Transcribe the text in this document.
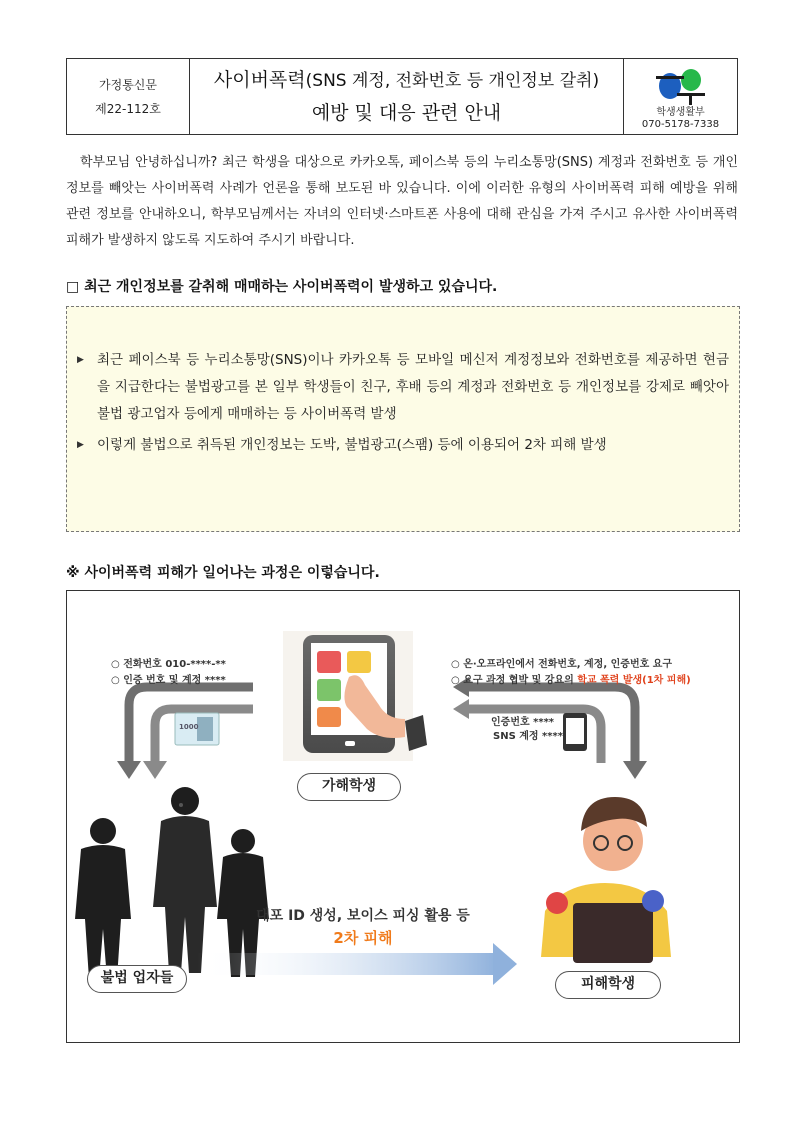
가정통신문
제22-112호
사이버폭력(SNS 계정, 전화번호 등 개인정보 갈취)
예방 및 대응 관련 안내	학생생활부
070-5178-7338

학부모님 안녕하십니까? 최근 학생을 대상으로 카카오톡, 페이스북 등의 누리소통망(SNS) 계정과 전화번호 등 개인정보를 빼앗는 사이버폭력 사례가 언론을 통해 보도된 바 있습니다. 이에 이러한 유형의 사이버폭력 피해 예방을 위해 관련 정보를 안내하오니, 학부모님께서는 자녀의 인터넷·스마트폰 사용에 대해 관심을 가져 주시고 유사한 사이버폭력 피해가 발생하지 않도록 지도하여 주시기 바랍니다.

□ 최근 개인정보를 갈취해 매매하는 사이버폭력이 발생하고 있습니다.
▶ 최근 페이스북 등 누리소통망(SNS)이나 카카오톡 등 모바일 메신저 계정정보와 전화번호를 제공하면 현금을 지급한다는 불법광고를 본 일부 학생들이 친구, 후배 등의 계정과 전화번호 등 개인정보를 강제로 빼앗아 불법 광고업자 등에게 매매하는 등 사이버폭력 발생
▶ 이렇게 불법으로 취득된 개인정보는 도박, 불법광고(스팸) 등에 이용되어 2차 피해 발생
※ 사이버폭력 피해가 일어나는 과정은 이렇습니다.
○ 전화번호 010-****-**
○ 인증 번호 및 계정 ****
○ 온·오프라인에서 전화번호, 계정, 인증번호 요구
○ 요구 과정 협박 및 강요의 학교 폭력 발생(1차 피해)
인증번호 ****
SNS 계정 ****
1000
가해학생
불법 업자들	피해학생
대포 ID 생성, 보이스 피싱 활용 등
2차 피해
